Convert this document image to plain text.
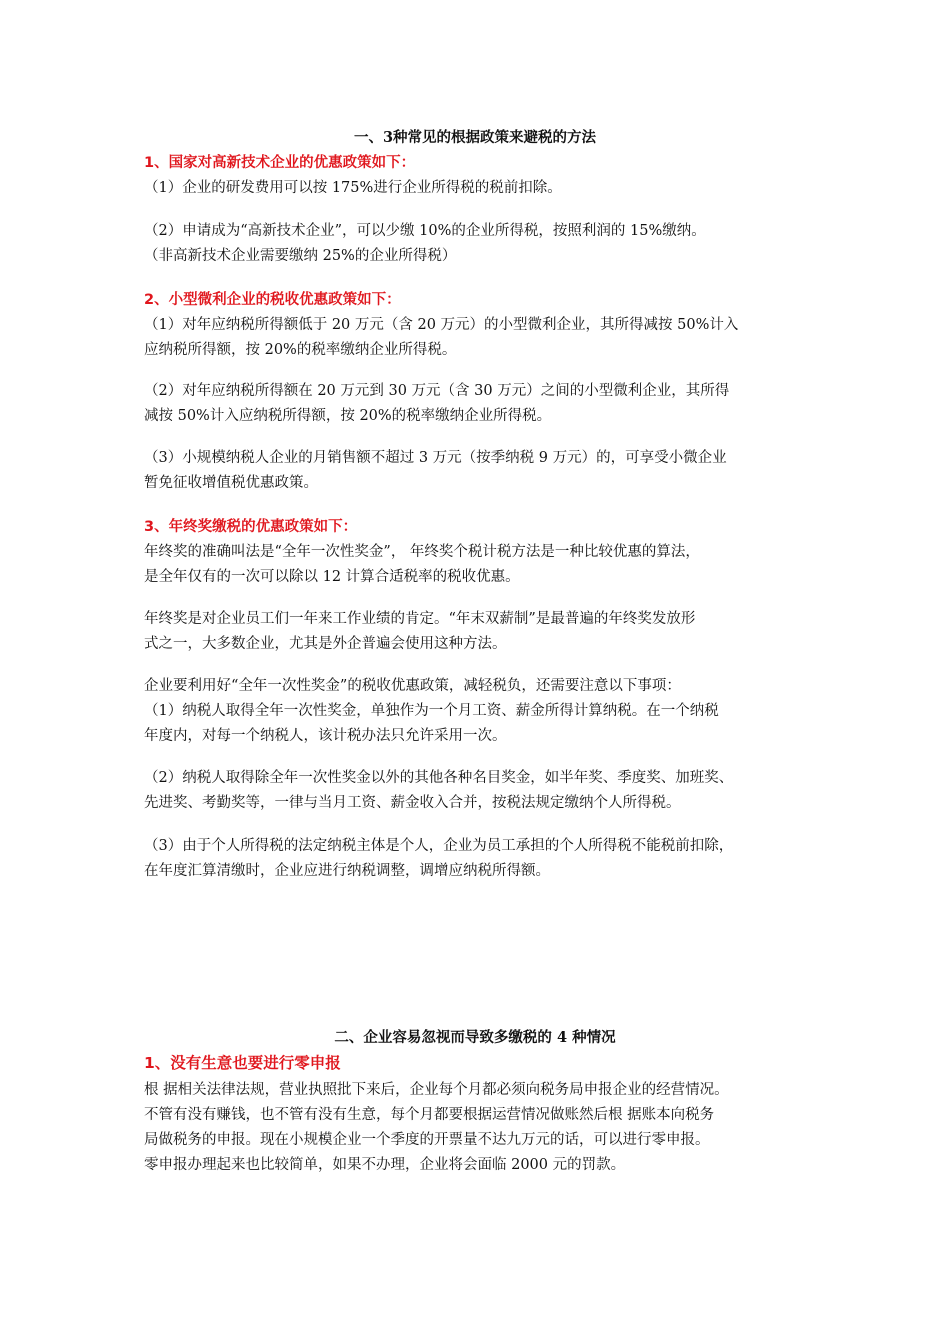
一、3种常见的根据政策来避税的方法
1、国家对高新技术企业的优惠政策如下：
（1）企业的研发费用可以按 175%进行企业所得税的税前扣除。
（2）申请成为“高新技术企业”，可以少缴 10%的企业所得税，按照利润的 15%缴纳。
（非高新技术企业需要缴纳 25%的企业所得税）
2、小型微利企业的税收优惠政策如下：
（1）对年应纳税所得额低于 20 万元（含 20 万元）的小型微利企业，其所得减按 50%计入
应纳税所得额，按 20%的税率缴纳企业所得税。
（2）对年应纳税所得额在 20 万元到 30 万元（含 30 万元）之间的小型微利企业，其所得
减按 50%计入应纳税所得额，按 20%的税率缴纳企业所得税。
（3）小规模纳税人企业的月销售额不超过 3 万元（按季纳税 9 万元）的，可享受小微企业
暂免征收增值税优惠政策。
3、年终奖缴税的优惠政策如下：
年终奖的准确叫法是“全年一次性奖金”， 年终奖个税计税方法是一种比较优惠的算法，
是全年仅有的一次可以除以 12 计算合适税率的税收优惠。
年终奖是对企业员工们一年来工作业绩的肯定。“年末双薪制”是最普遍的年终奖发放形
式之一，大多数企业，尤其是外企普遍会使用这种方法。
企业要利用好“全年一次性奖金”的税收优惠政策，减轻税负，还需要注意以下事项：
（1）纳税人取得全年一次性奖金，单独作为一个月工资、薪金所得计算纳税。在一个纳税
年度内，对每一个纳税人，该计税办法只允许采用一次。
（2）纳税人取得除全年一次性奖金以外的其他各种名目奖金，如半年奖、季度奖、加班奖、
先进奖、考勤奖等，一律与当月工资、薪金收入合并，按税法规定缴纳个人所得税。
（3）由于个人所得税的法定纳税主体是个人，企业为员工承担的个人所得税不能税前扣除，
在年度汇算清缴时，企业应进行纳税调整，调增应纳税所得额。
二、企业容易忽视而导致多缴税的 4 种情况
1、没有生意也要进行零申报
根 据相关法律法规，营业执照批下来后，企业每个月都必须向税务局申报企业的经营情况。
不管有没有赚钱，也不管有没有生意，每个月都要根据运营情况做账然后根 据账本向税务
局做税务的申报。现在小规模企业一个季度的开票量不达九万元的话，可以进行零申报。
零申报办理起来也比较简单，如果不办理，企业将会面临 2000 元的罚款。
